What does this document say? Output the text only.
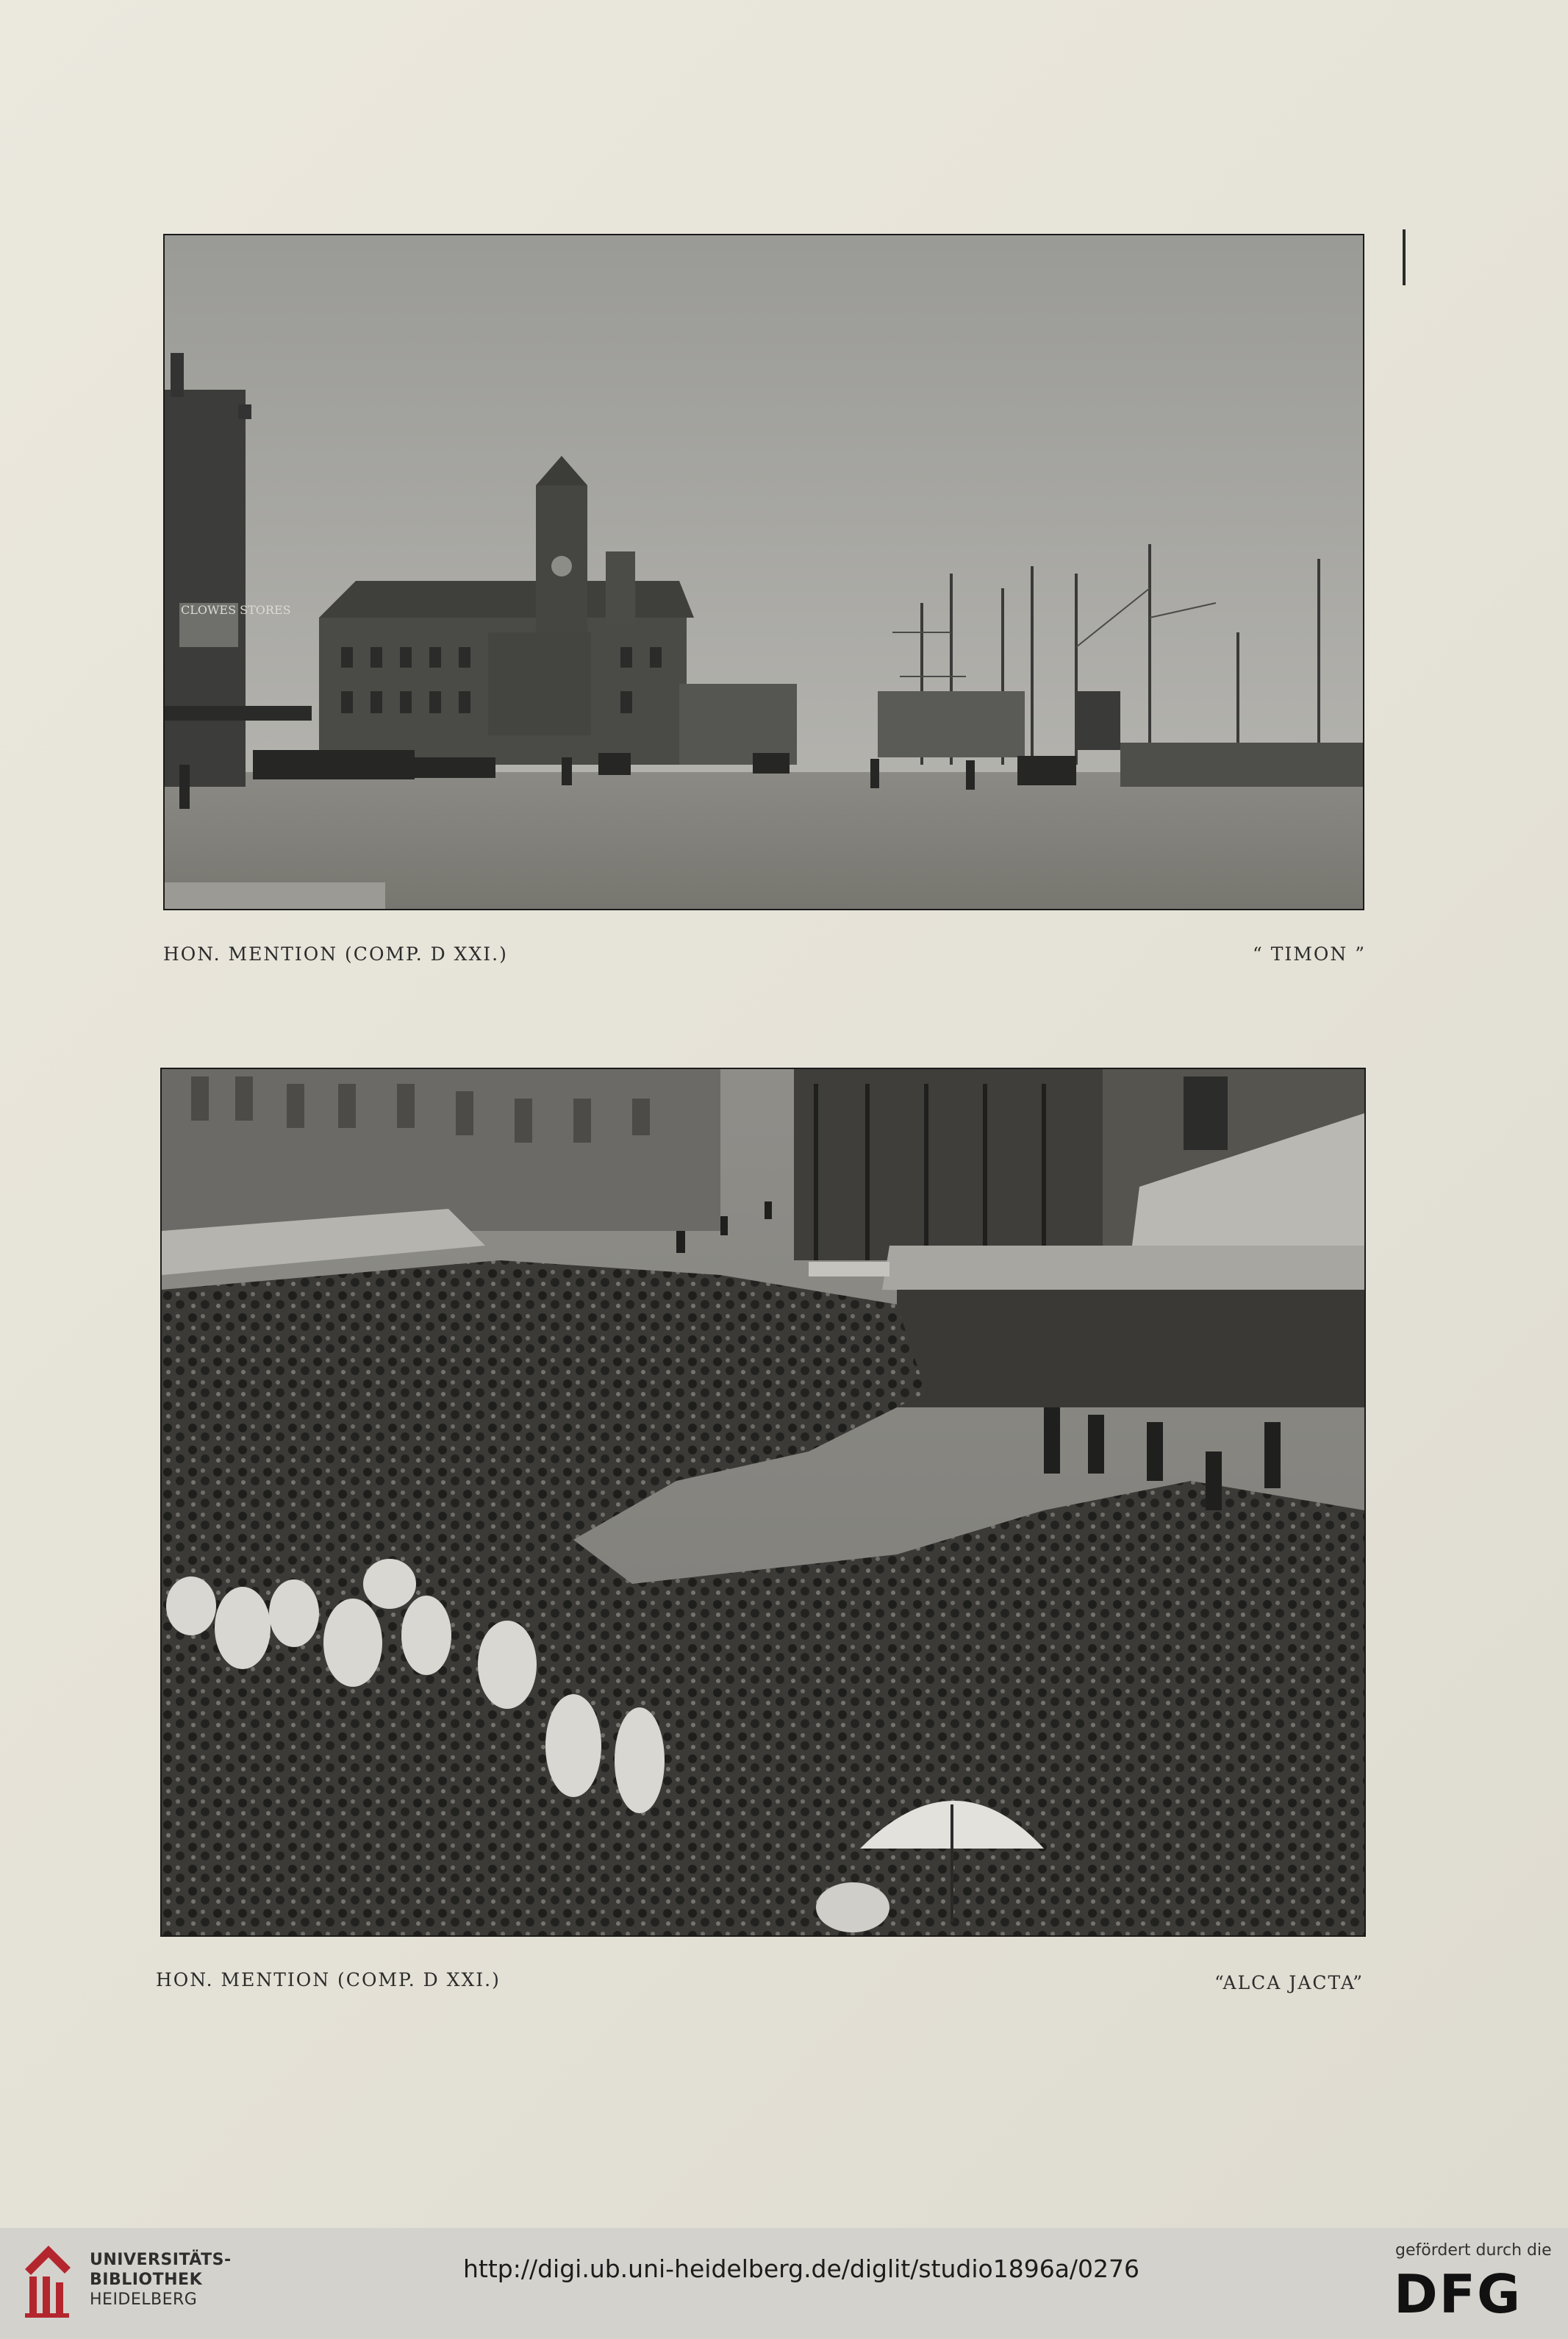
CLOWES STORES
HON. MENTION (COMP. D XXI.)	“ TIMON ”
HON. MENTION (COMP. D XXI.)	“ALCA JACTA”
UNIVERSITÄTS-
BIBLIOTHEK
HEIDELBERG
http://digi.ub.uni-heidelberg.de/diglit/studio1896a/0276
gefördert durch die
DFG
